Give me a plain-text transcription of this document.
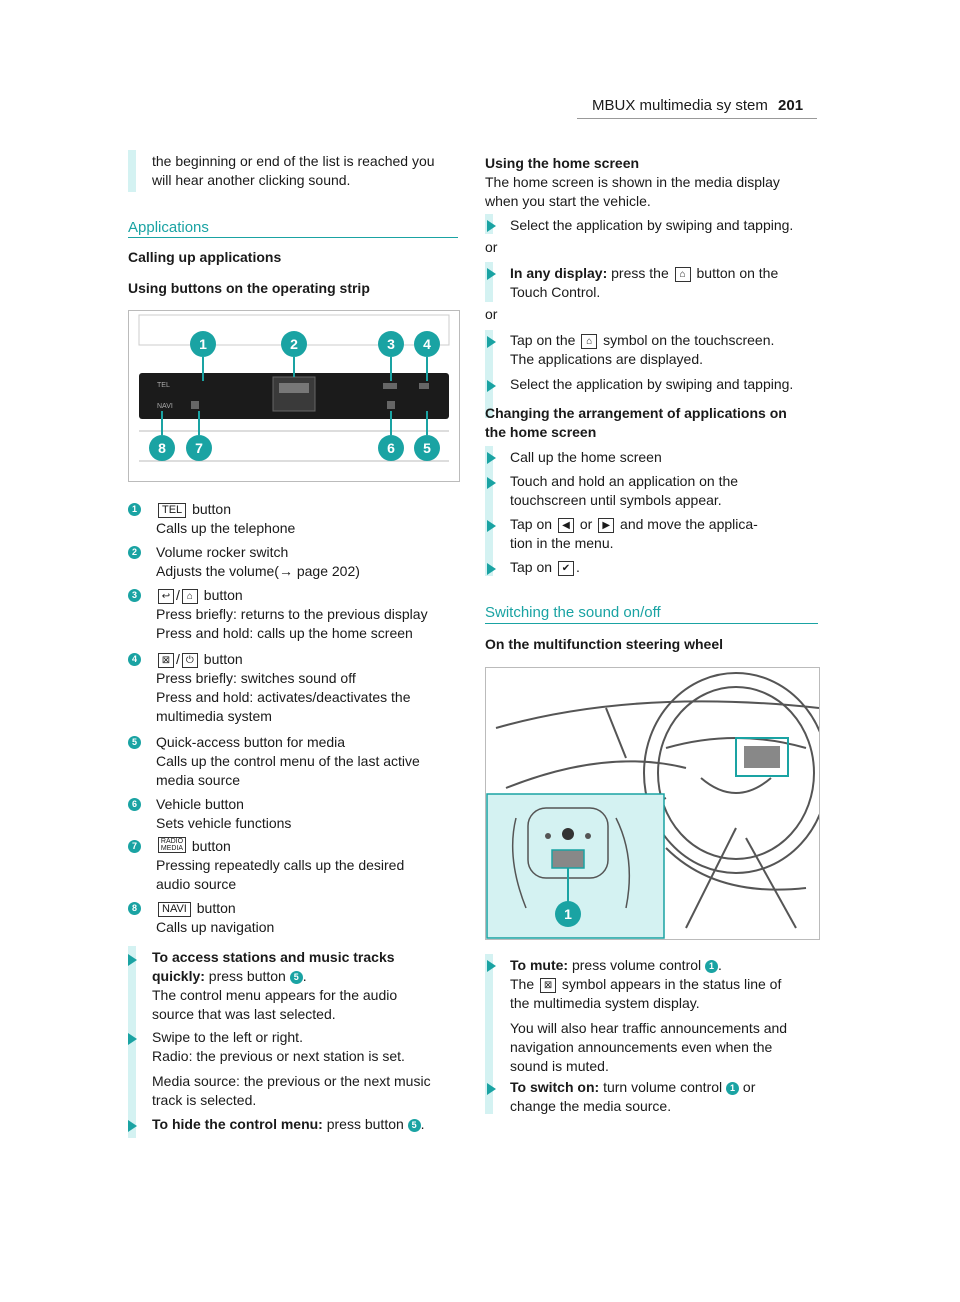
MBUX multimedia sy stem 201
the beginning or end of the list is reached you
will hear another clicking sound.
Applications
Calling up applications
Using buttons on the operating strip
TEL
NAVI
1	2	3 4
8 7	6 5
1	TEL button
Calls up the telephone
2 Volume rocker switch
Adjusts the volume(→ page 202)
3	↩ / ⌂ button
Press briefly: returns to the previous display
Press and hold: calls up the home screen
4	⊠ / ⏻ button
Press briefly: switches sound off
Press and hold: activates/deactivates the
multimedia system
5 Quick-access button for media
Calls up the control menu of the last active
media source
6 Vehicle button
Sets vehicle functions
7	RADIO MEDIA button
Pressing repeatedly calls up the desired
audio source
8	NAVI button
Calls up navigation
To access stations and music tracks
quickly: press button 5 .
The control menu appears for the audio
source that was last selected.
Swipe to the left or right.
Radio: the previous or next station is set.
Media source: the previous or the next music
track is selected.
To hide the control menu: press button 5 .
Using the home screen
The home screen is shown in the media display
when you start the vehicle.
Select the application by swiping and tapping.
or
In any display: press the ⌂ button on the
Touch Control.
or
Tap on the ⌂ symbol on the touchscreen.
The applications are displayed.
Select the application by swiping and tapping.
Changing the arrangement of applications on
the home screen
Call up the home screen
Touch and hold an application on the
touchscreen until symbols appear.
Tap on ◀ or ▶ and move the applica-
tion in the menu.
Tap on ✔ .
Switching the sound on/off
On the multifunction steering wheel
1
To mute: press volume control 1 .
The ⊠ symbol appears in the status line of
the multimedia system display.
You will also hear traffic announcements and
navigation announcements even when the
sound is muted.
To switch on: turn volume control 1 or
change the media source.
